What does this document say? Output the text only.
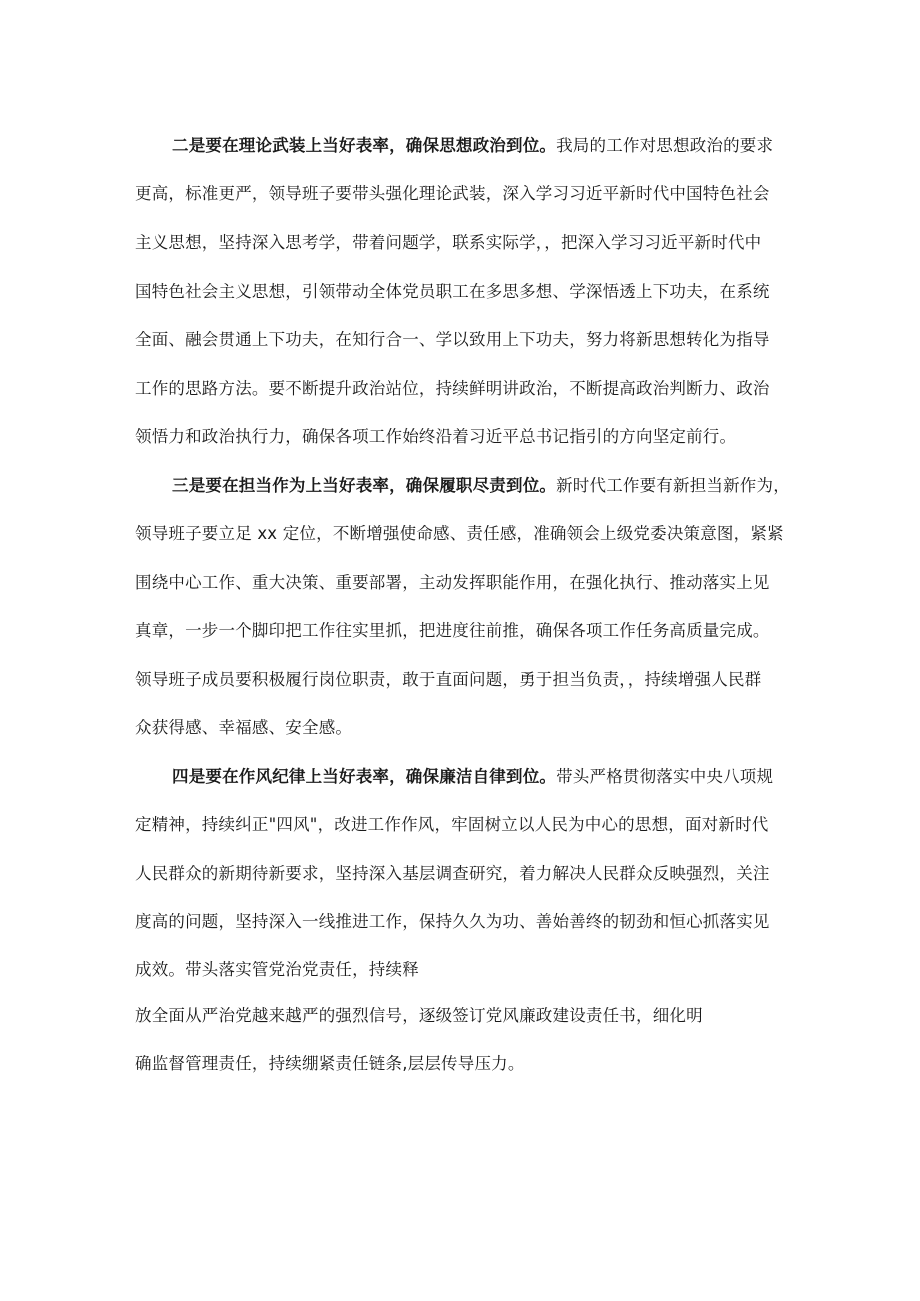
二是要在理论武装上当好表率，确保思想政治到位。我局的工作对思想政治的要求
更高，标准更严，领导班子要带头强化理论武装，深入学习习近平新时代中国特色社会
主义思想，坚持深入思考学，带着问题学，联系实际学，，把深入学习习近平新时代中
国特色社会主义思想，引领带动全体党员职工在多思多想、学深悟透上下功夫，在系统
全面、融会贯通上下功夫，在知行合一、学以致用上下功夫，努力将新思想转化为指导
工作的思路方法。要不断提升政治站位，持续鲜明讲政治，不断提高政治判断力、政治
领悟力和政治执行力，确保各项工作始终沿着习近平总书记指引的方向坚定前行。
三是要在担当作为上当好表率，确保履职尽责到位。新时代工作要有新担当新作为，
领导班子要立足 xx 定位，不断增强使命感、责任感，准确领会上级党委决策意图，紧紧
围绕中心工作、重大决策、重要部署，主动发挥职能作用，在强化执行、推动落实上见
真章，一步一个脚印把工作往实里抓，把进度往前推，确保各项工作任务高质量完成。
领导班子成员要积极履行岗位职责，敢于直面问题，勇于担当负责，，持续增强人民群
众获得感、幸福感、安全感。
四是要在作风纪律上当好表率，确保廉洁自律到位。带头严格贯彻落实中央八项规
定精神，持续纠正"四风"，改进工作作风，牢固树立以人民为中心的思想，面对新时代
人民群众的新期待新要求，坚持深入基层调查研究，着力解决人民群众反映强烈，关注
度高的问题，坚持深入一线推进工作，保持久久为功、善始善终的韧劲和恒心抓落实见
成效。带头落实管党治党责任，持续释
放全面从严治党越来越严的强烈信号，逐级签订党风廉政建设责任书，细化明
确监督管理责任，持续绷紧责任链条,层层传导压力。
